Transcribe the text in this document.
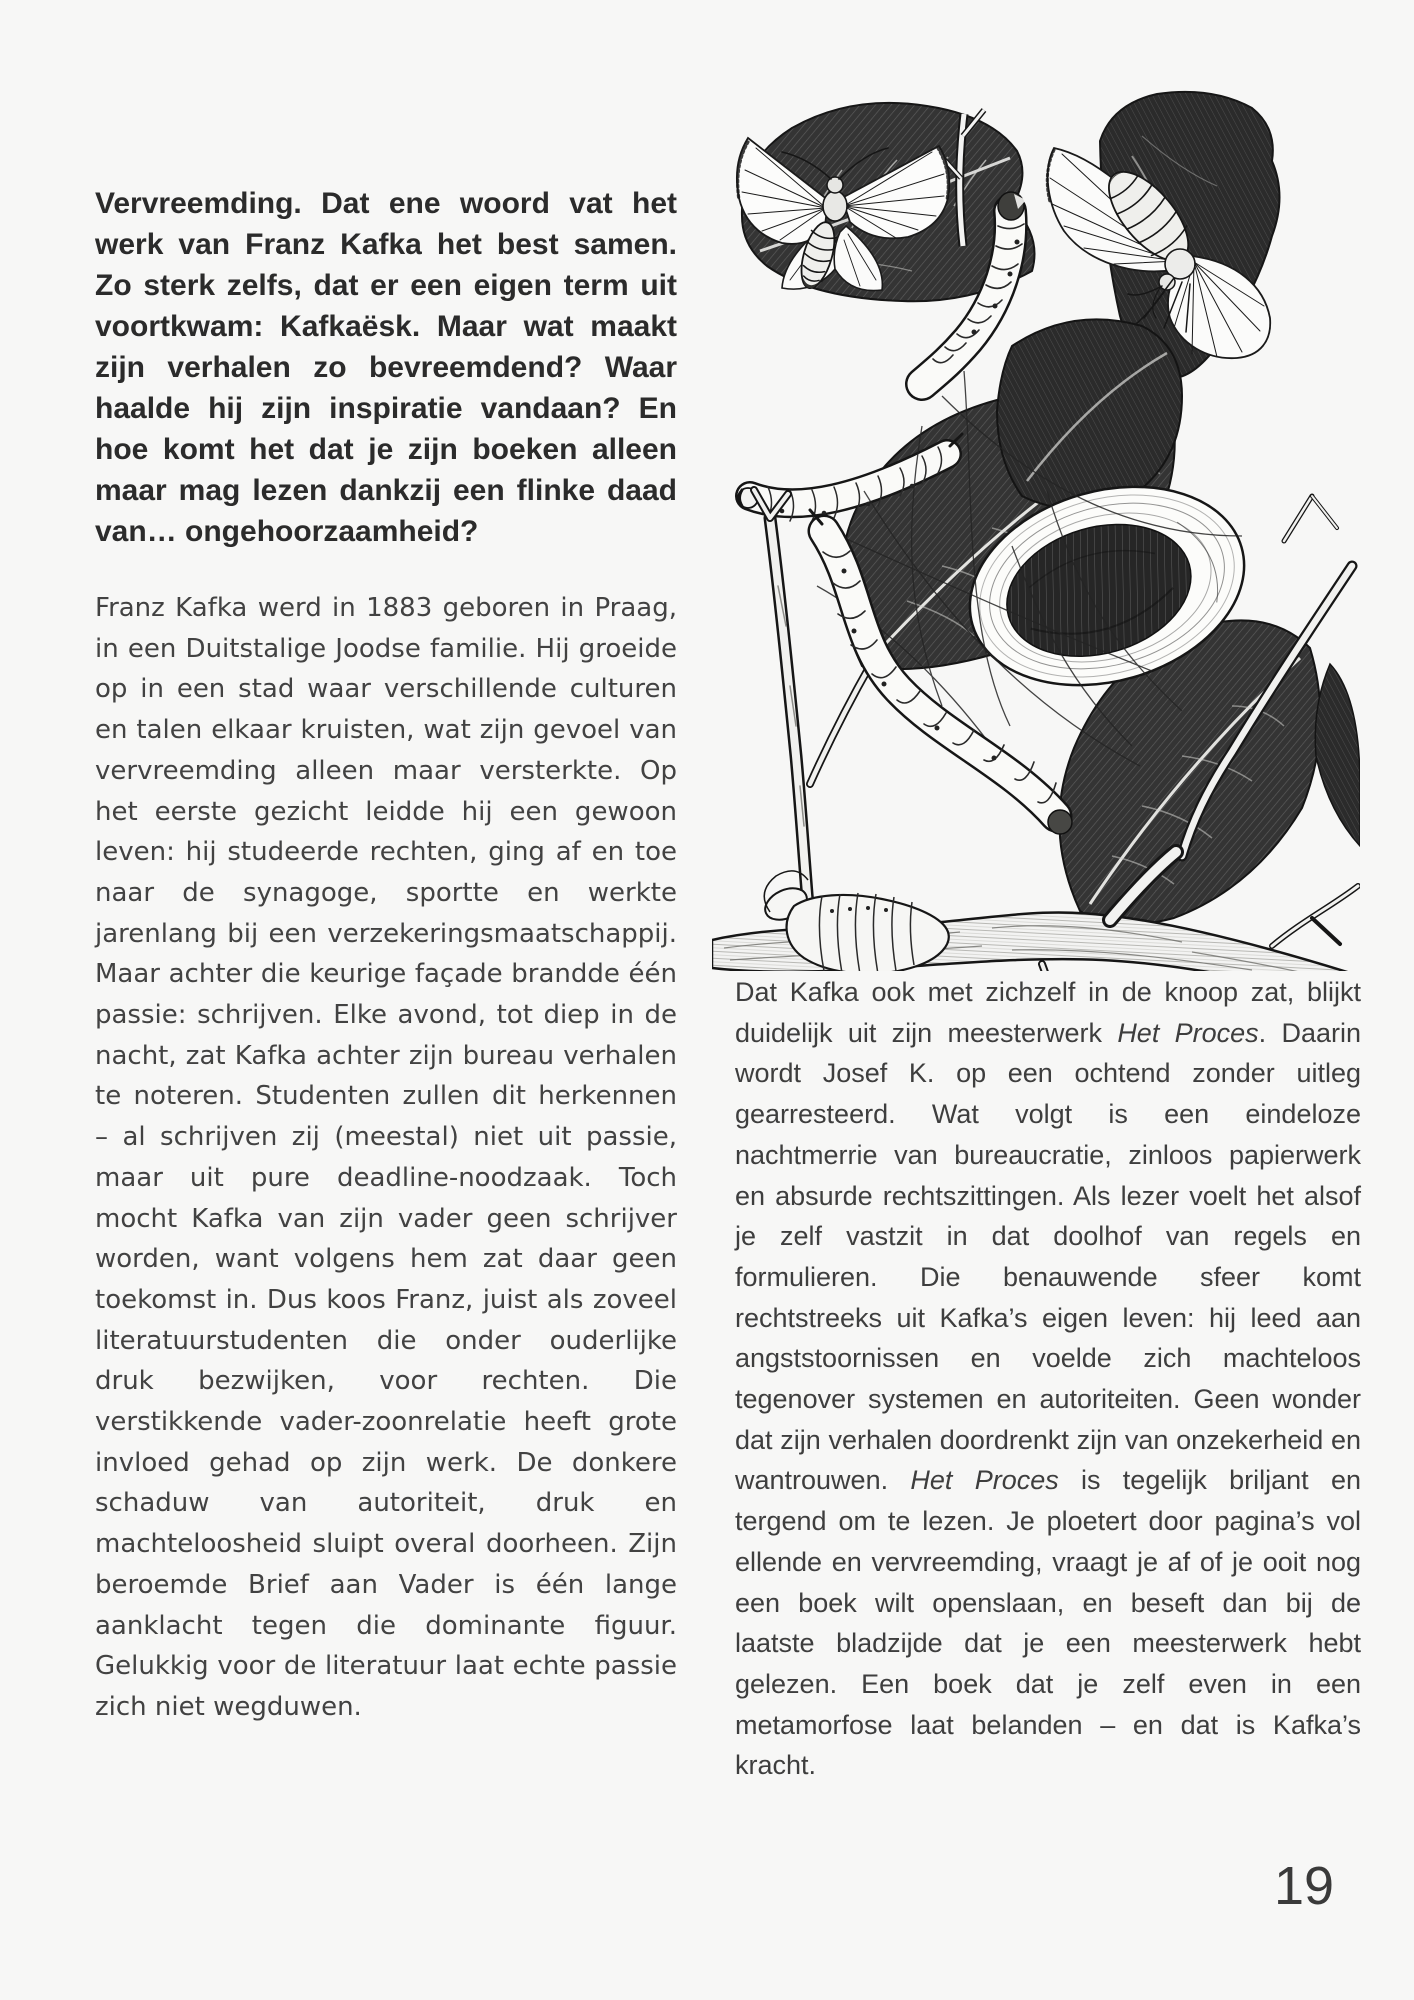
Vervreemding. Dat ene woord vat het werk van Franz Kafka het best samen. Zo sterk zelfs, dat er een eigen term uit voortkwam: Kafkaësk. Maar wat maakt zijn verhalen zo bevreemdend? Waar haalde hij zijn inspiratie vandaan? En hoe komt het dat je zijn boeken alleen maar mag lezen dankzij een flinke daad van… ongehoorzaamheid?
Franz Kafka werd in 1883 geboren in Praag, in een Duitstalige Joodse familie. Hij groeide op in een stad waar verschillende culturen en talen elkaar kruisten, wat zijn gevoel van vervreemding alleen maar versterkte. Op het eerste gezicht leidde hij een gewoon leven: hij studeerde rechten, ging af en toe naar de synagoge, sportte en werkte jarenlang bij een verzekeringsmaatschappij. Maar achter die keurige façade brandde één passie: schrijven. Elke avond, tot diep in de nacht, zat Kafka achter zijn bureau verhalen te noteren. Studenten zullen dit herkennen – al schrijven zij (meestal) niet uit passie, maar uit pure deadline-noodzaak. Toch mocht Kafka van zijn vader geen schrijver worden, want volgens hem zat daar geen toekomst in. Dus koos Franz, juist als zoveel literatuurstudenten die onder ouderlijke druk bezwijken, voor rechten. Die verstikkende vader-zoonrelatie heeft grote invloed gehad op zijn werk. De donkere schaduw van autoriteit, druk en machteloosheid sluipt overal doorheen. Zijn beroemde Brief aan Vader is één lange aanklacht tegen die dominante figuur. Gelukkig voor de literatuur laat echte passie zich niet wegduwen.
Dat Kafka ook met zichzelf in de knoop zat, blijkt duidelijk uit zijn meesterwerk Het Proces. Daarin wordt Josef K. op een ochtend zonder uitleg gearresteerd. Wat volgt is een eindeloze nachtmerrie van bureaucratie, zinloos papierwerk en absurde rechtszittingen. Als lezer voelt het alsof je zelf vastzit in dat doolhof van regels en formulieren. Die benauwende sfeer komt rechtstreeks uit Kafka’s eigen leven: hij leed aan angststoornissen en voelde zich machteloos tegenover systemen en autoriteiten. Geen wonder dat zijn verhalen doordrenkt zijn van onzekerheid en wantrouwen. Het Proces is tegelijk briljant en tergend om te lezen. Je ploetert door pagina’s vol ellende en vervreemding, vraagt je af of je ooit nog een boek wilt openslaan, en beseft dan bij de laatste bladzijde dat je een meesterwerk hebt gelezen. Een boek dat je zelf even in een metamorfose laat belanden – en dat is Kafka’s kracht.
19
